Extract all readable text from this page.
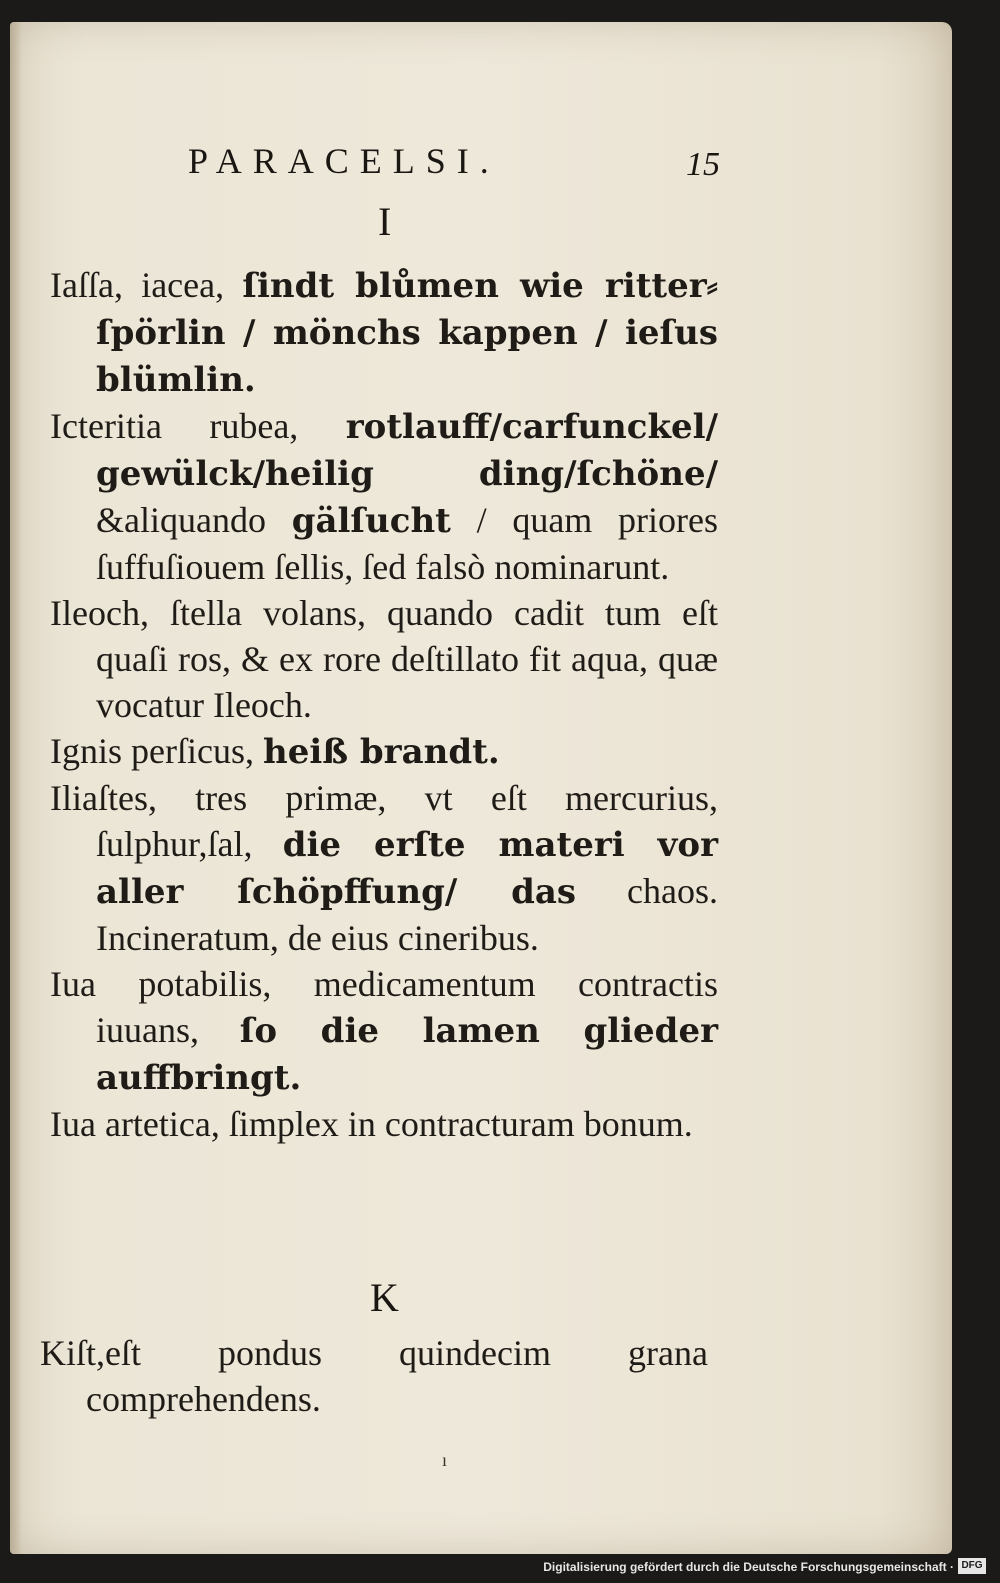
PARACELSI.	15
I

Iaſſa, iacea, ſindt blůmen wie ritter⸗ ſpörlin / mönchs kappen / ieſus blümlin.

Icteritia rubea, rotlauff/carfunckel/ gewülck/heilig ding/ſchöne/ &aliquando gälſucht / quam priores ſuffuſiouem ſellis, ſed falsò nominarunt.

Ileoch, ſtella volans, quando cadit tum eſt quaſi ros, & ex rore deſtillato fit aqua, quæ vocatur Ileoch.

Ignis perſicus, heiß brandt.

Iliaſtes, tres primæ, vt eſt mercurius, ſulphur,ſal, die erſte materi vor aller ſchöpffung/ das chaos. Incineratum, de eius cineribus.

Iua potabilis, medicamentum contractis iuuans, ſo die lamen glieder auffbringt.

Iua artetica, ſimplex in contracturam bonum.

K

Kiſt,eſt pondus quindecim grana comprehendens.

ı
Digitalisierung gefördert durch die Deutsche Forschungsgemeinschaft · DFG
